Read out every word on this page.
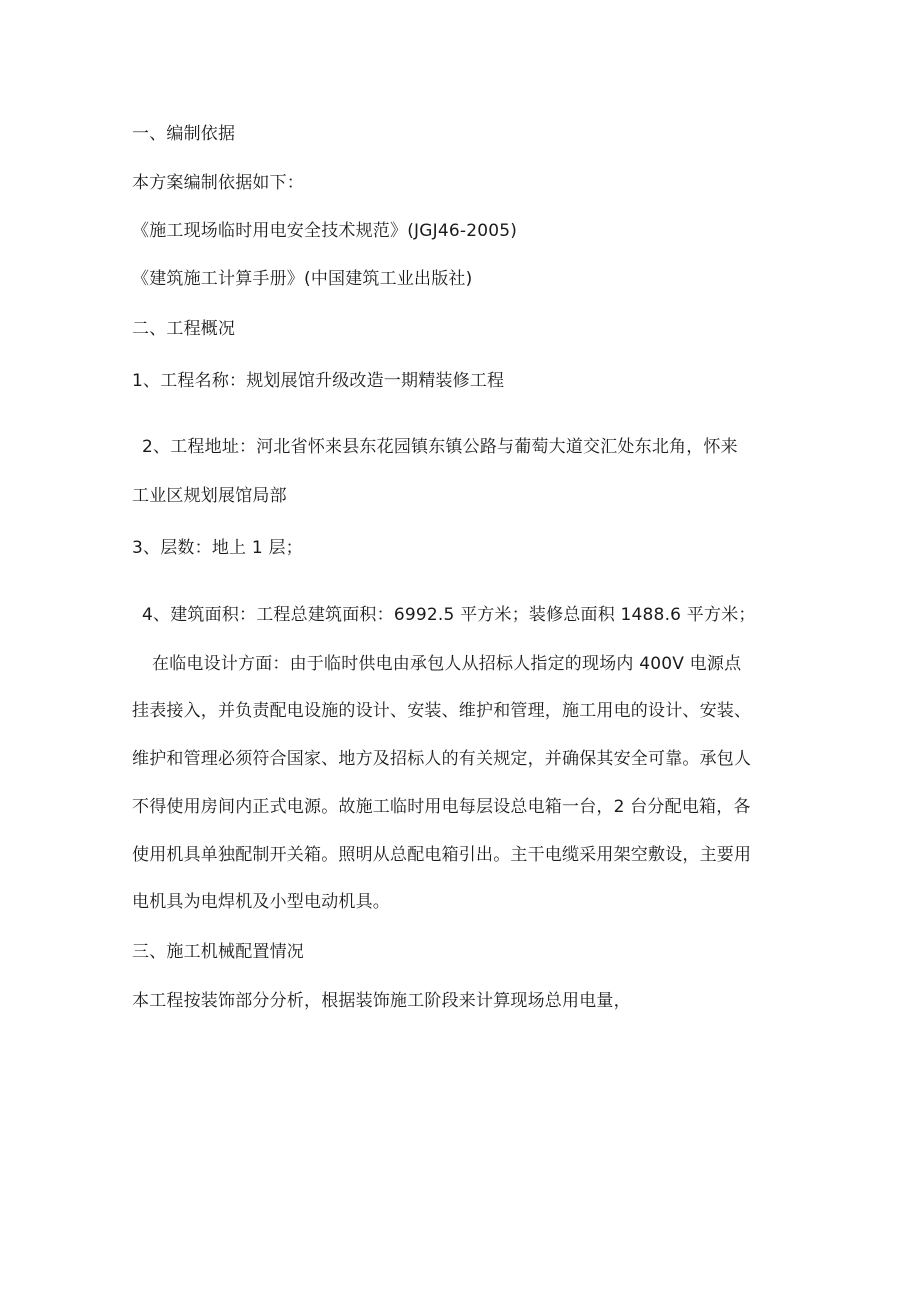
一、编制依据
本方案编制依据如下：
《施工现场临时用电安全技术规范》(JGJ46-2005)
《建筑施工计算手册》(中国建筑工业出版社)
二、工程概况
1、工程名称：规划展馆升级改造一期精装修工程
2、工程地址：河北省怀来县东花园镇东镇公路与葡萄大道交汇处东北角，怀来
工业区规划展馆局部
3、层数：地上 1 层；
4、建筑面积：工程总建筑面积：6992.5 平方米；装修总面积 1488.6 平方米；
在临电设计方面：由于临时供电由承包人从招标人指定的现场内 400V 电源点
挂表接入，并负责配电设施的设计、安装、维护和管理，施工用电的设计、安装、
维护和管理必须符合国家、地方及招标人的有关规定，并确保其安全可靠。承包人
不得使用房间内正式电源。故施工临时用电每层设总电箱一台，2 台分配电箱，各
使用机具单独配制开关箱。照明从总配电箱引出。主干电缆采用架空敷设，主要用
电机具为电焊机及小型电动机具。
三、施工机械配置情况
本工程按装饰部分分析，根据装饰施工阶段来计算现场总用电量，
